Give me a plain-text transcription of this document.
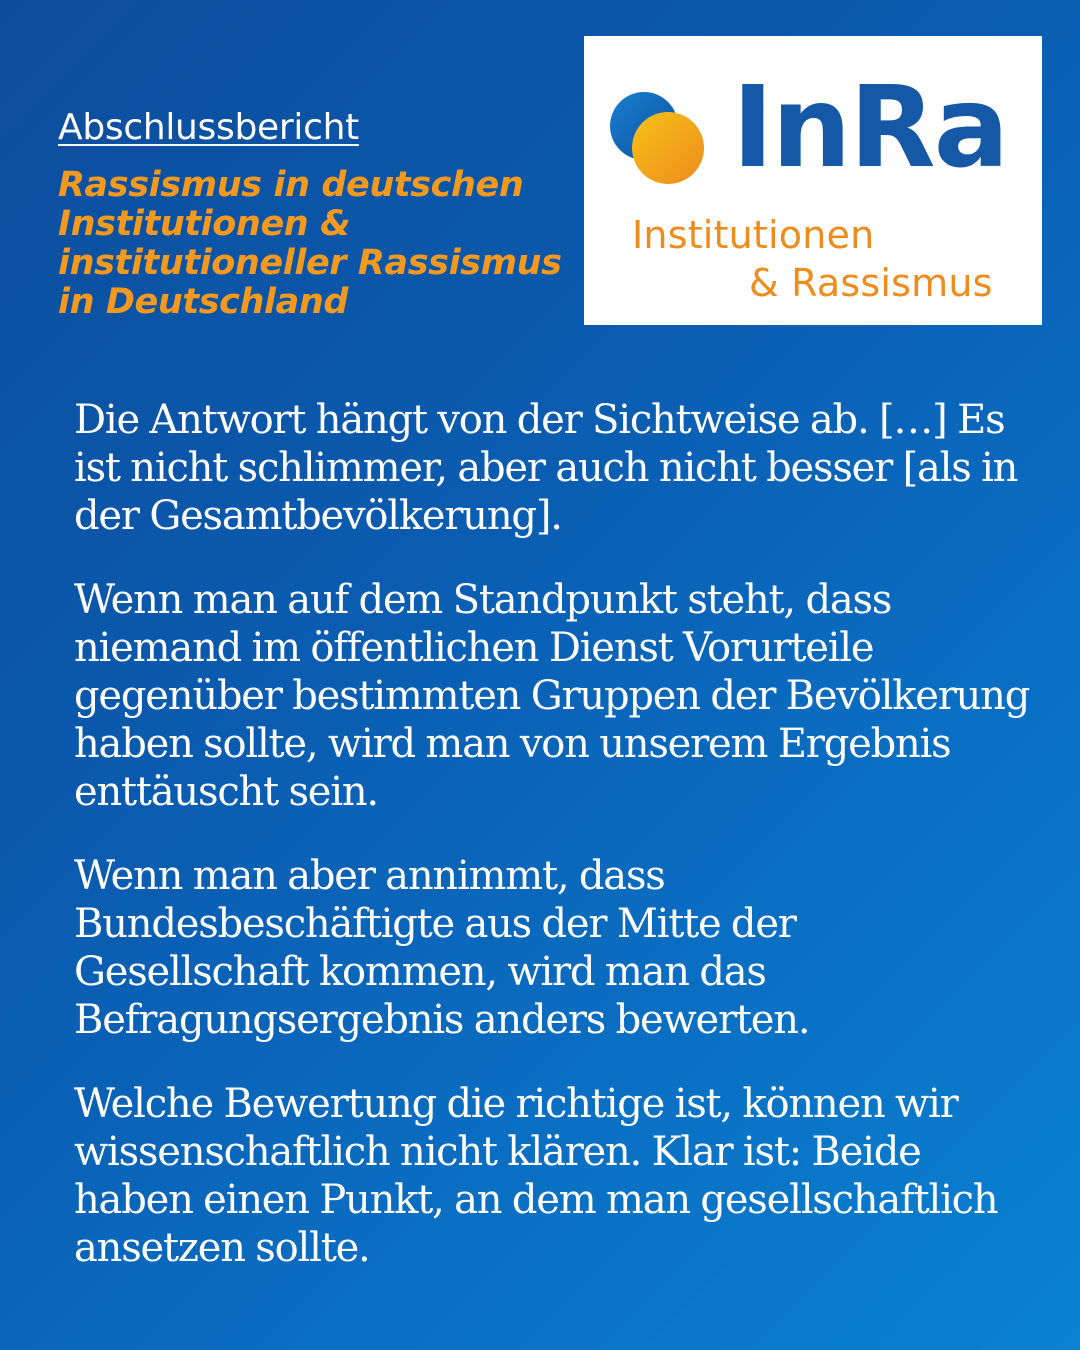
Abschlussbericht

Rassismus in deutschen Institutionen & institutioneller Rassismus in Deutschland

InRa
Institutionen
& Rassismus

Die Antwort hängt von der Sichtweise ab. […] Es ist nicht schlimmer, aber auch nicht besser [als in der Gesamtbevölkerung].

Wenn man auf dem Standpunkt steht, dass niemand im öffentlichen Dienst Vorurteile gegenüber bestimmten Gruppen der Bevölkerung haben sollte, wird man von unserem Ergebnis enttäuscht sein.

Wenn man aber annimmt, dass Bundesbeschäftigte aus der Mitte der Gesellschaft kommen, wird man das Befragungsergebnis anders bewerten.

Welche Bewertung die richtige ist, können wir wissenschaftlich nicht klären. Klar ist: Beide haben einen Punkt, an dem man gesellschaftlich ansetzen sollte.
